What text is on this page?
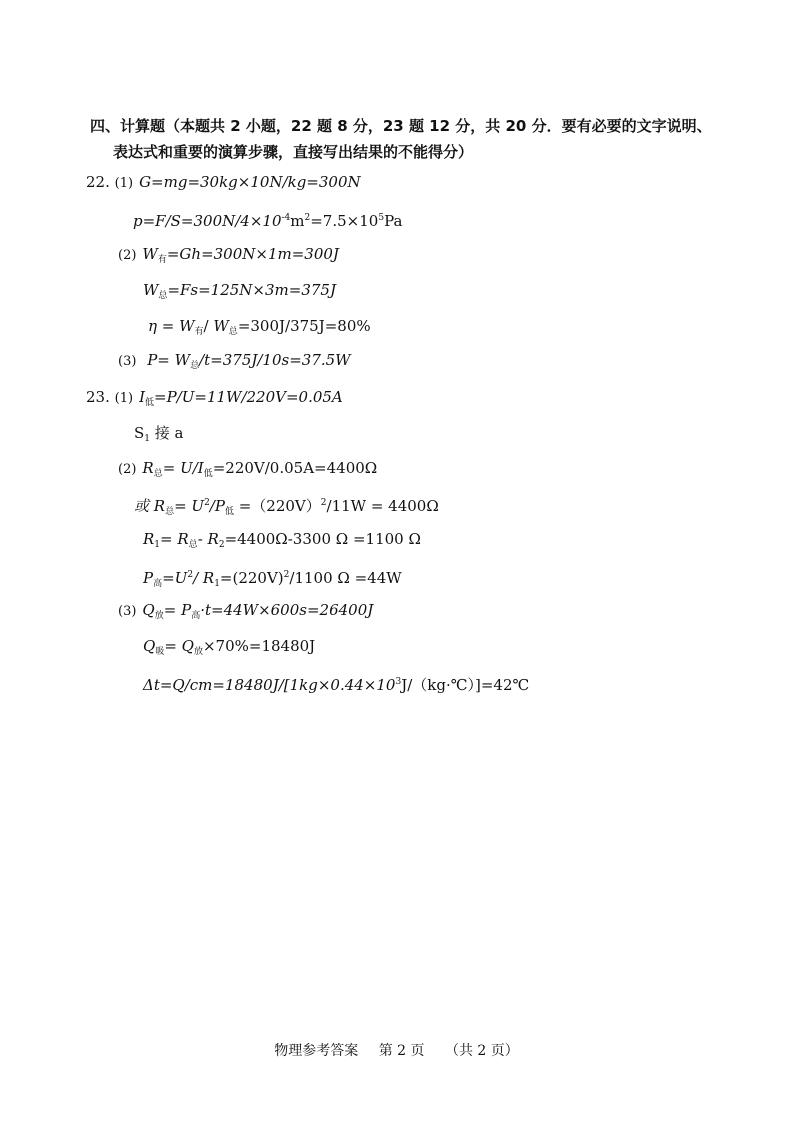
四、计算题（本题共 2 小题，22 题 8 分，23 题 12 分，共 20 分．要有必要的文字说明、
表达式和重要的演算步骤，直接写出结果的不能得分）
22. (1) G=mg=30kg×10N/kg=300N
$p=F/S=300N/4\times 10^{-4}m^2=7.5\times 10^5Pa$
(2) $W_有=Gh=300N\times 1m=300J$
$W_总=Fs=125N\times 3m=375J$
$\eta = W_有/$ $W_总=300J/375J=80\%$
(3) $P= W_总/t=375J/10s=37.5W$
23. (1) $I_低=P/U=11W/220V=0.05A$
$S_1$ 接 a
(2) $R_总= U/I_低=220V/0.05A=4400\Omega$
或 $R_总= U^2/P_低 =(220V)^2/11W = 4400\Omega$
$R_1= R_总-$ $R_2=4400\Omega-3300$ Ω =1100 Ω
$P_高=U^2/$ $R_1=(220V)^2/1100$ Ω =44W
(3) $Q_放= P_高\cdot t=44W\times 600s=26400J$
$Q_吸= Q_放\times 70\%=18480J$
$\Delta t=Q/cm=18480J/[1kg\times 0.44\times 10^3J/(kg\cdot℃)]=42℃$
物理参考答案 第 2 页 （共 2 页）
